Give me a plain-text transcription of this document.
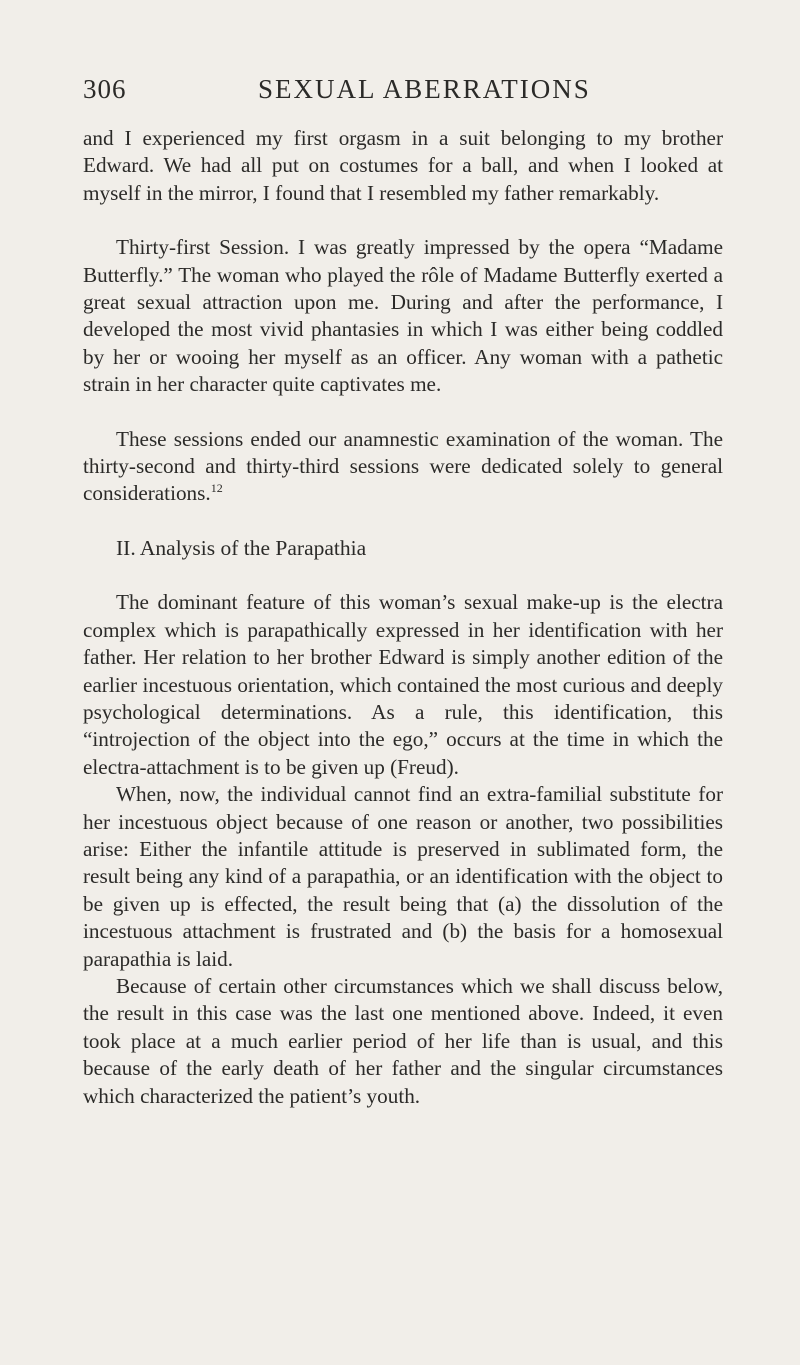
306	SEXUAL ABERRATIONS

and I experienced my first orgasm in a suit belonging to my brother Edward. We had all put on costumes for a ball, and when I looked at myself in the mirror, I found that I resembled my father remarkably.

Thirty-first Session. I was greatly impressed by the opera “Madame Butterfly.” The woman who played the rôle of Madame Butterfly exerted a great sexual attraction upon me. During and after the performance, I developed the most vivid phantasies in which I was either being coddled by her or wooing her myself as an officer. Any woman with a pathetic strain in her character quite captivates me.

These sessions ended our anamnestic examination of the woman. The thirty-second and thirty-third sessions were dedicated solely to general considerations.$^{12}$

II. Analysis of the Parapathia

The dominant feature of this woman’s sexual make-up is the electra complex which is parapathically expressed in her identification with her father. Her relation to her brother Edward is simply another edition of the earlier incestuous orientation, which contained the most curious and deeply psychological determinations. As a rule, this identification, this “introjection of the object into the ego,” occurs at the time in which the electra-attachment is to be given up (Freud).

When, now, the individual cannot find an extra-familial substitute for her incestuous object because of one reason or another, two possibilities arise: Either the infantile attitude is preserved in sublimated form, the result being any kind of a parapathia, or an identification with the object to be given up is effected, the result being that (a) the dissolution of the incestuous attachment is frustrated and (b) the basis for a homosexual parapathia is laid.

Because of certain other circumstances which we shall discuss below, the result in this case was the last one mentioned above. Indeed, it even took place at a much earlier period of her life than is usual, and this because of the early death of her father and the singular circumstances which characterized the patient’s youth.
